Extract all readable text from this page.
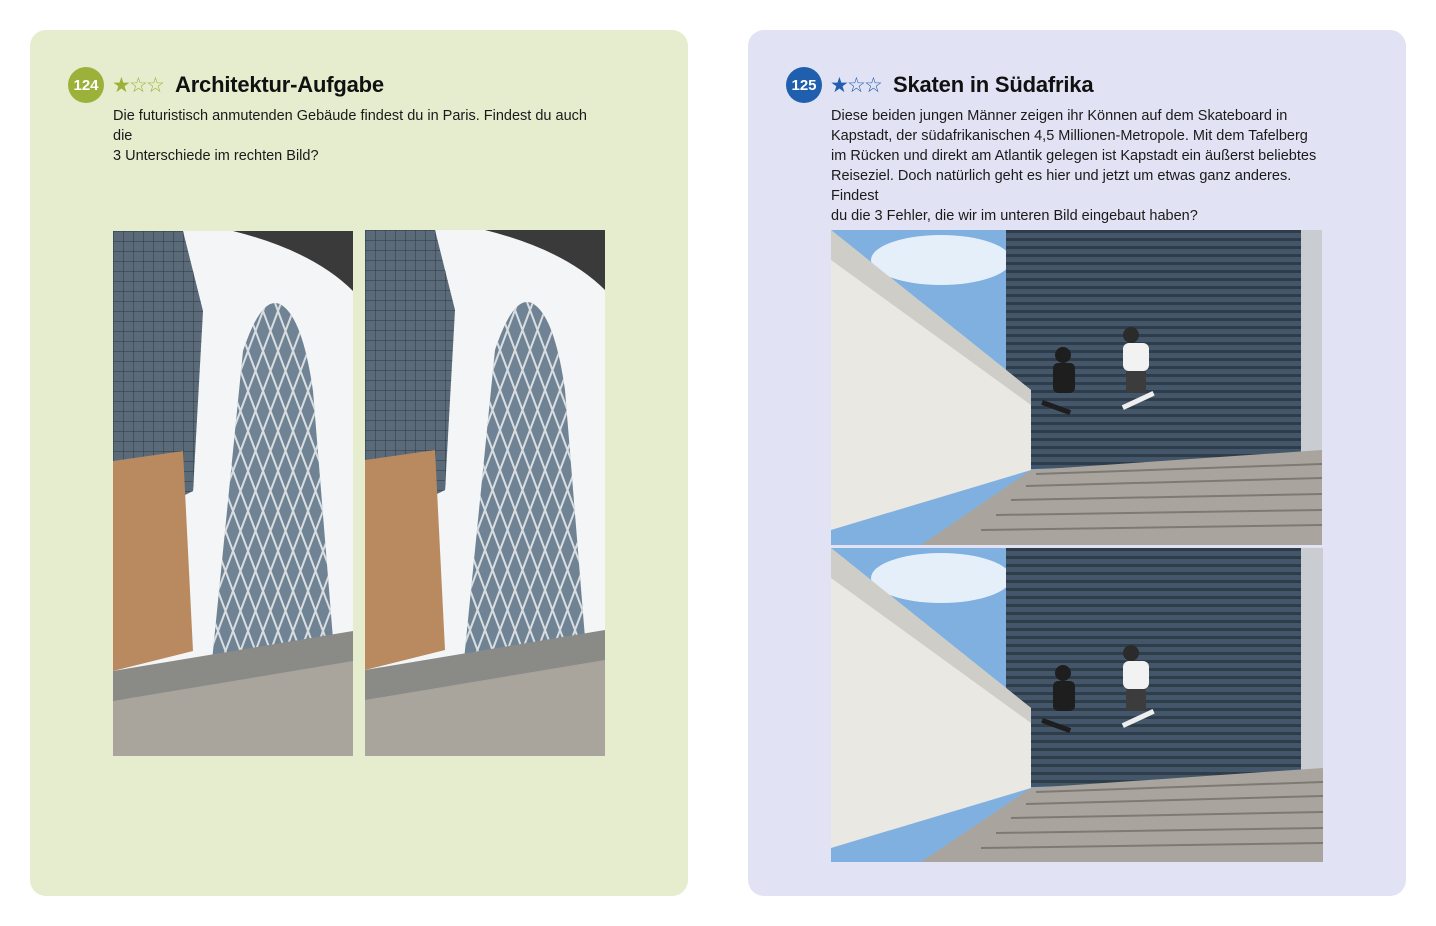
124 ★
☆
☆ Architektur-Aufgabe
Die futuristisch anmutenden Gebäude findest du in Paris. Findest du auch die
3 Unterschiede im rechten Bild?
125 ★
☆
☆ Skaten in Südafrika
Diese beiden jungen Männer zeigen ihr Können auf dem Skateboard in
Kapstadt, der südafrikanischen 4,5 Millionen-Metropole. Mit dem Tafelberg
im Rücken und direkt am Atlantik gelegen ist Kapstadt ein äußerst beliebtes
Reiseziel. Doch natürlich geht es hier und jetzt um etwas ganz anderes. Findest
du die 3 Fehler, die wir im unteren Bild eingebaut haben?
